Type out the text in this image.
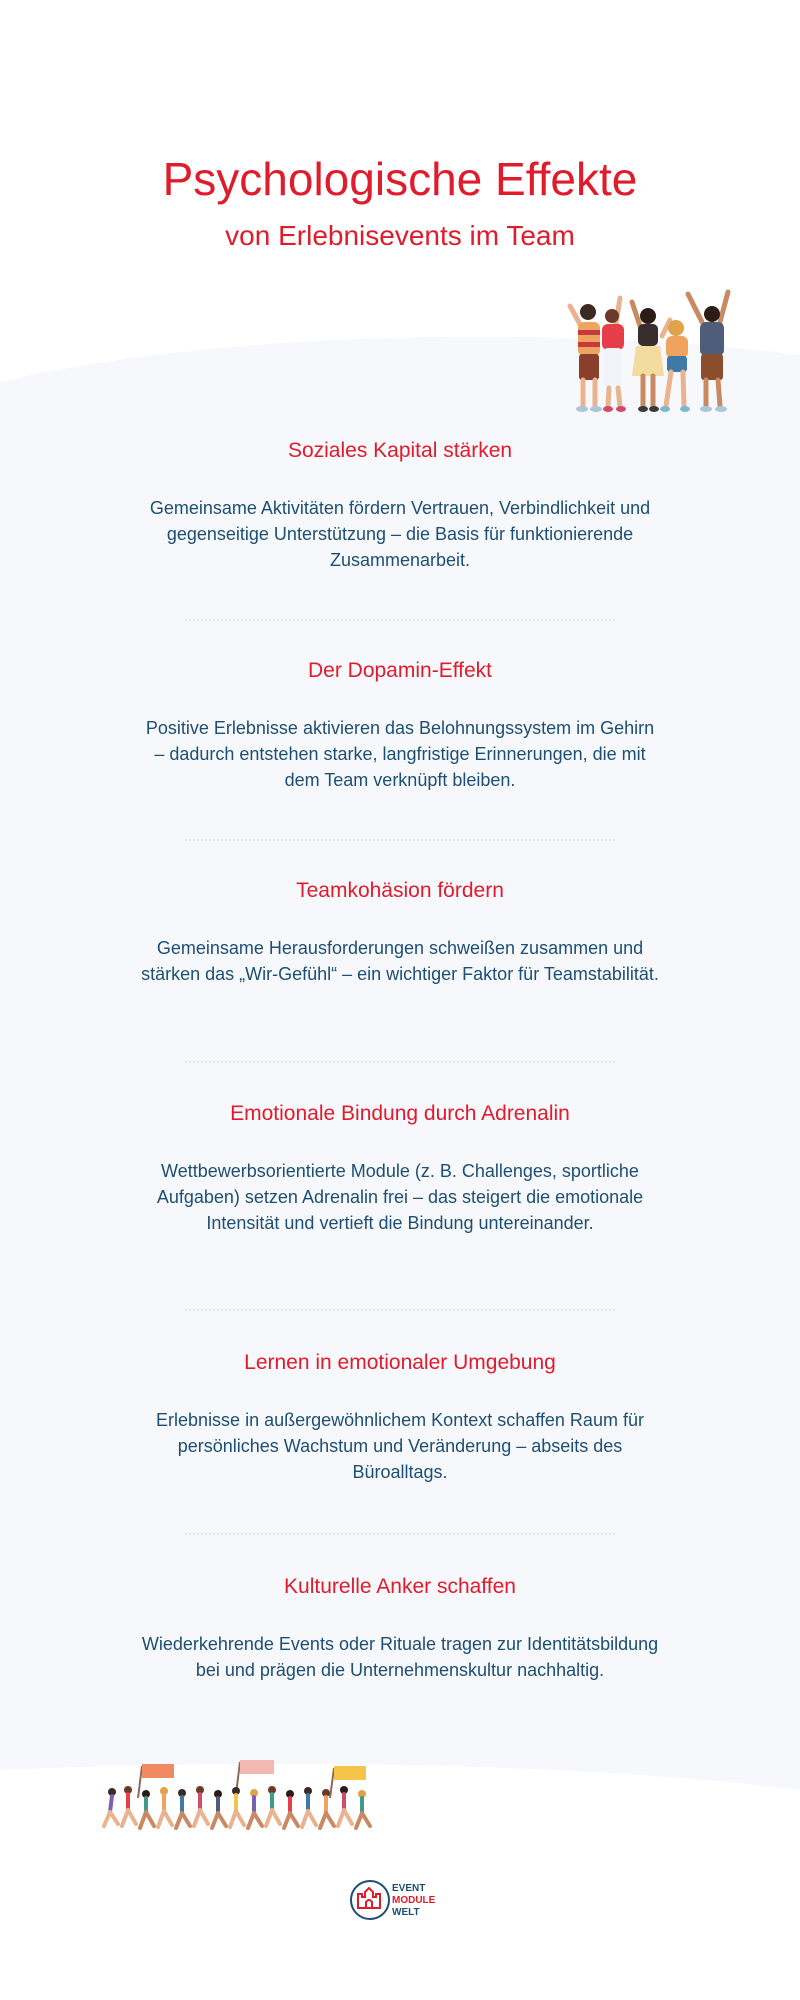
Psychologische Effekte
von Erlebnisevents im Team
Soziales Kapital stärken

Gemeinsame Aktivitäten fördern Vertrauen, Verbindlichkeit und gegenseitige Unterstützung – die Basis für funktionierende Zusammenarbeit.

Der Dopamin-Effekt

Positive Erlebnisse aktivieren das Belohnungssystem im Gehirn – dadurch entstehen starke, langfristige Erinnerungen, die mit dem Team verknüpft bleiben.

Teamkohäsion fördern

Gemeinsame Herausforderungen schweißen zusammen und stärken das „Wir-Gefühl“ – ein wichtiger Faktor für Teamstabilität.

Emotionale Bindung durch Adrenalin

Wettbewerbsorientierte Module (z. B. Challenges, sportliche Aufgaben) setzen Adrenalin frei – das steigert die emotionale Intensität und vertieft die Bindung untereinander.

Lernen in emotionaler Umgebung

Erlebnisse in außergewöhnlichem Kontext schaffen Raum für persönliches Wachstum und Veränderung – abseits des Büroalltags.

Kulturelle Anker schaffen

Wiederkehrende Events oder Rituale tragen zur Identitätsbildung bei und prägen die Unternehmenskultur nachhaltig.

EVENT
MODULE
WELT
